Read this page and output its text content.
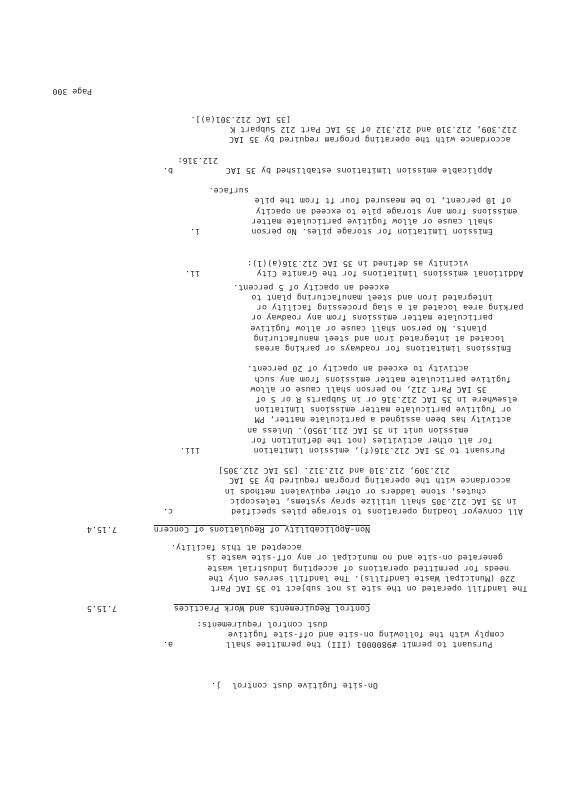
Page 300
j. On-site fugitive dust control
a.	Pursuant to permit #9800001 (III) the permittee shall
comply with the following on-site and off-site fugitive
dust control requirements:
7.15.5	Control Requirements and Work Practices
The landfill operated on the site is not subject to 35 IAC Part
220 (Municipal Waste Landfills). The landfill serves only the
needs for permitted operations of accepting industrial waste
generated on-site and no municipal or any off-site waste is
accepted at this facility.
7.15.4	Non-Applicability of Regulations of Concern
c.	All conveyor loading operations to storage piles specified
in 35 IAC 212.305 shall utilize spray systems, telescopic
chutes, stone ladders or other equivalent methods in
accordance with the operating program required by 35 IAC
212.309, 212.310 and 212.312. [35 IAC 212.305]
iii.	Pursuant to 35 IAC 212.316(f), emission limitation
for all other activities (not the definition for
emission unit in 35 IAC 211.1950). Unless an
activity has been assigned a particulate matter, PM
or fugitive particulate matter emissions limitation
elsewhere in 35 IAC 212.316 or in Subparts R or S of
35 IAC Part 212, no person shall cause or allow
fugitive particulate matter emissions from any such
activity to exceed an opacity of 20 percent.
Emissions limitations for roadways or parking areas
located at integrated iron and steel manufacturing
plants. No person shall cause or allow fugitive
particulate matter emissions from any roadway or
parking area located at a slag processing facility or
integrated iron and steel manufacturing plant to
exceed an opacity of 5 percent.
ii.	Additional emissions limitations for the Granite City
vicinity as defined in 35 IAC 212.316(a)(1):
i.	Emission limitation for storage piles. No person
shall cause or allow fugitive particulate matter
emissions from any storage pile to exceed an opacity
of 10 percent, to be measured four ft from the pile
surface.
b.	Applicable emission limitations established by 35 IAC
212.316:
accordance with the operating program required by 35 IAC
212.309, 212.310 and 212.312 of 35 IAC Part 212 Subpart K
[35 IAC 212.301(a)].
